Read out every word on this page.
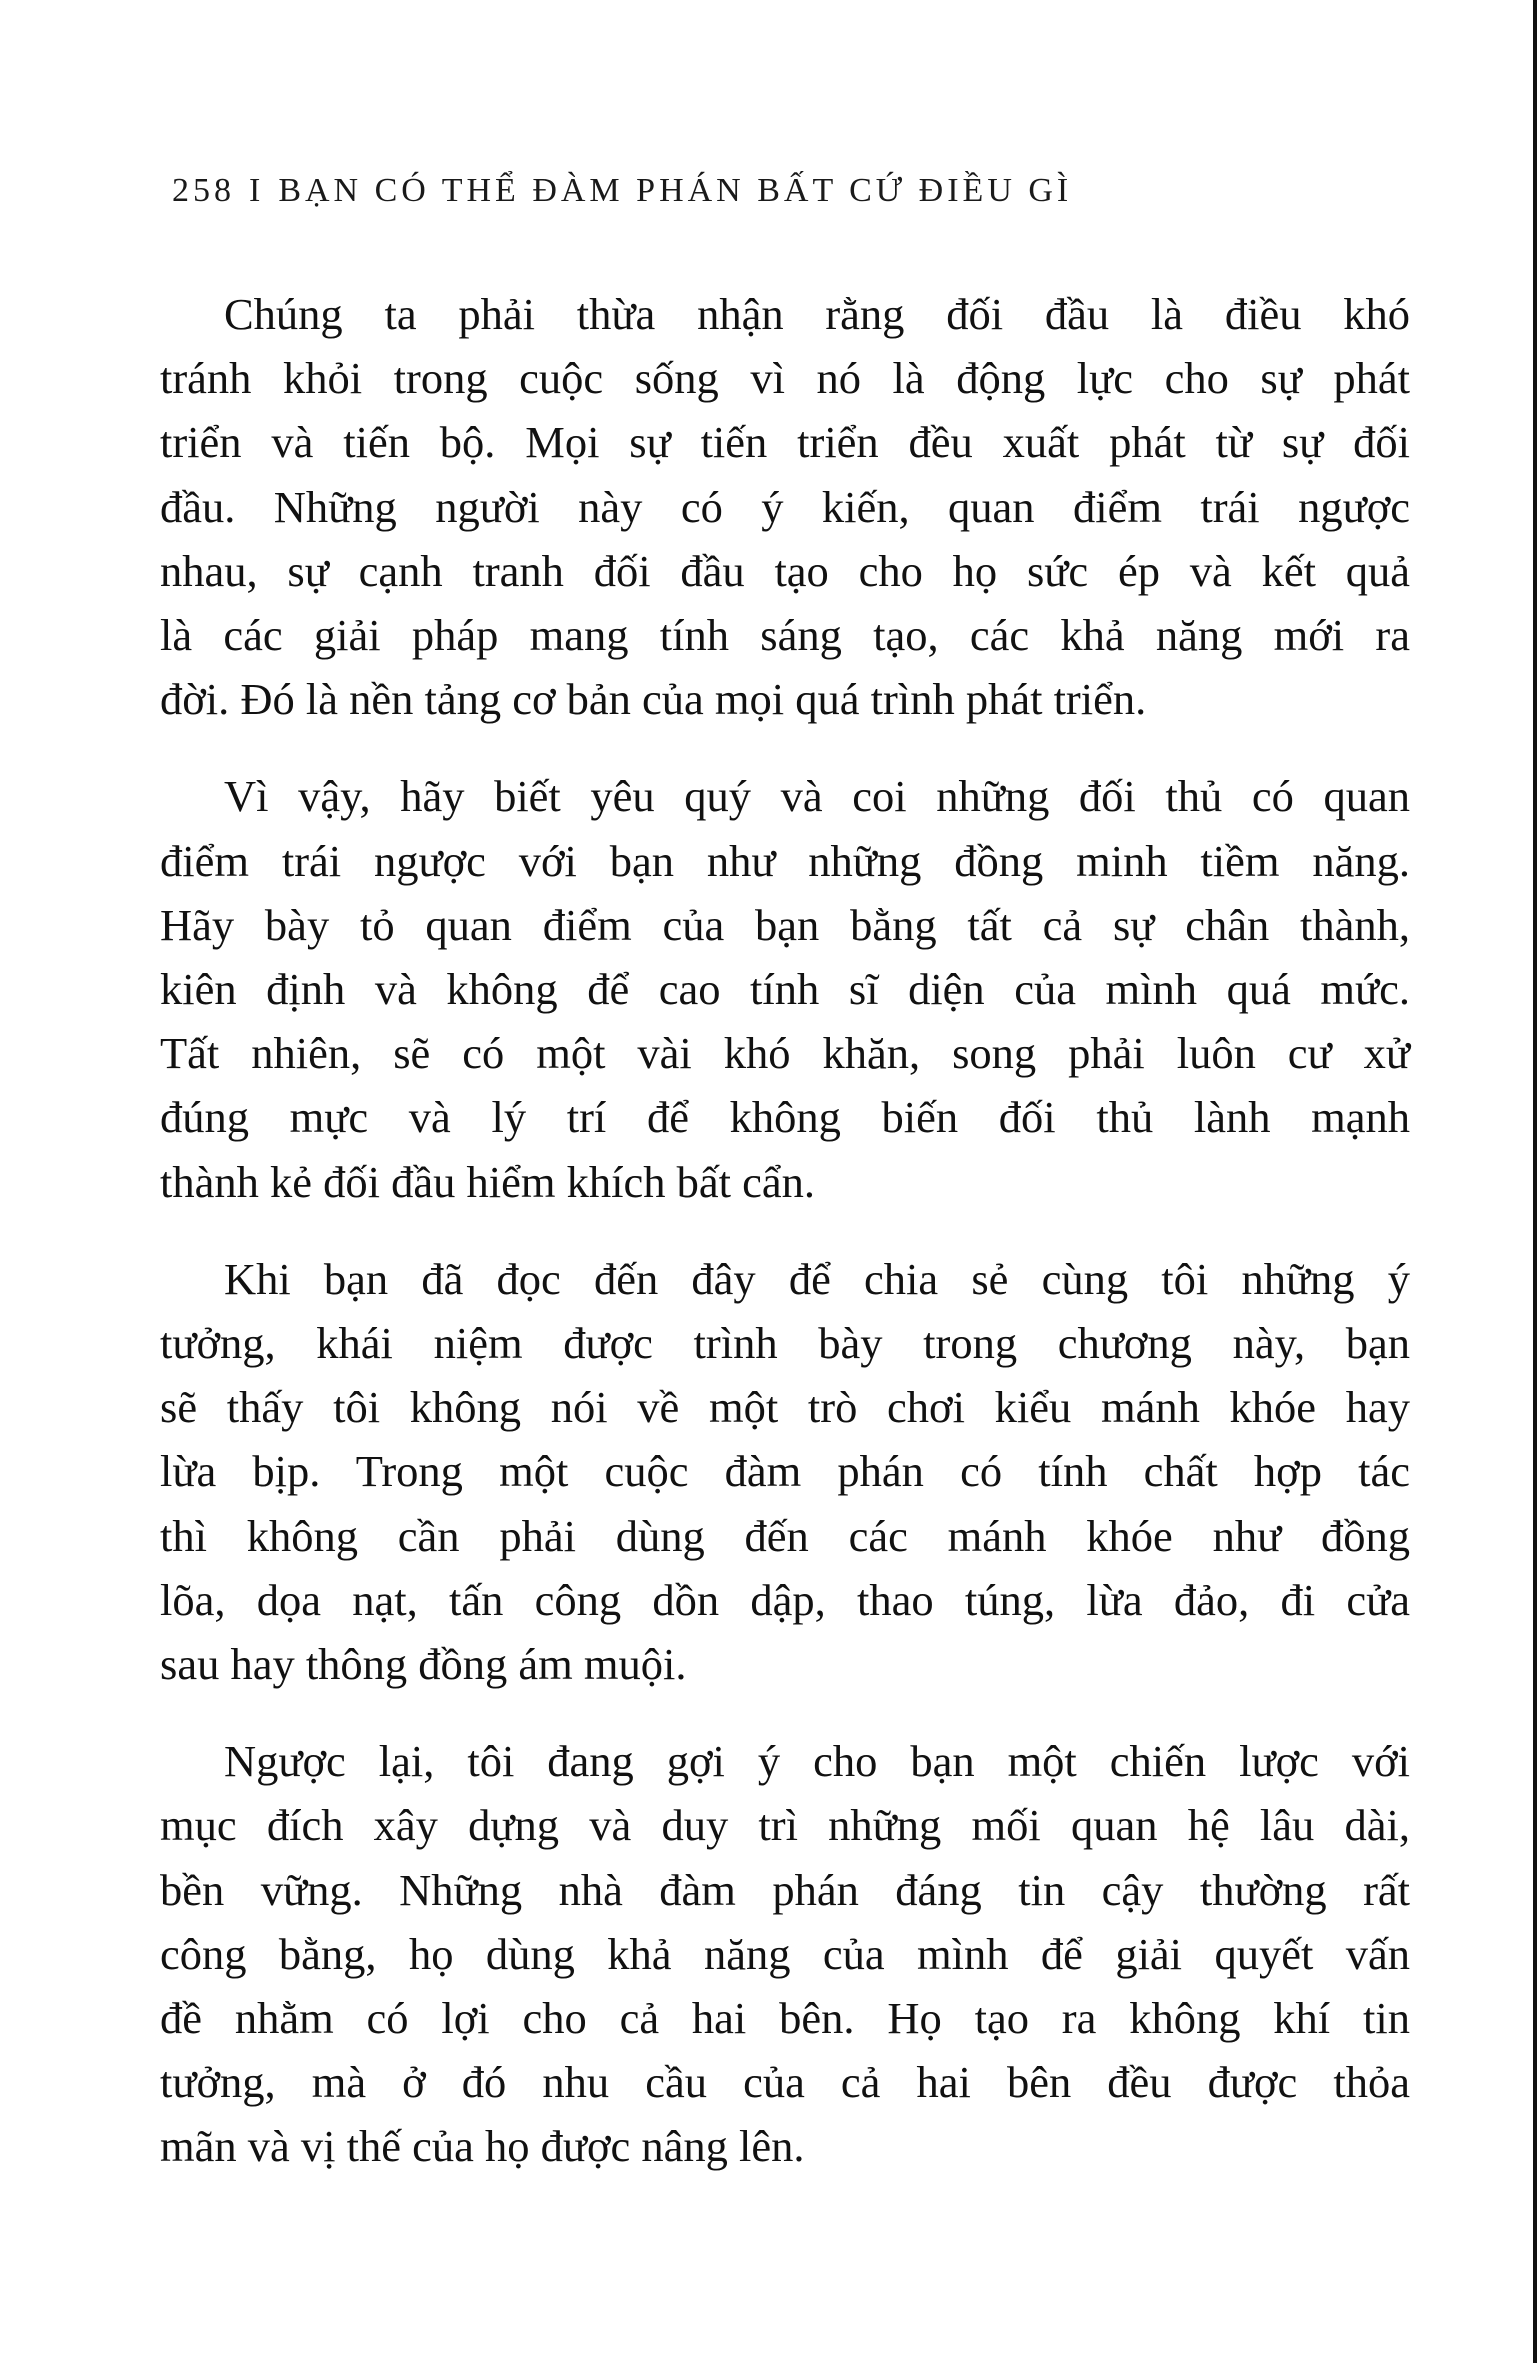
258 I BẠN CÓ THỂ ĐÀM PHÁN BẤT CỨ ĐIỀU GÌ

Chúng ta phải thừa nhận rằng đối đầu là điều khó
tránh khỏi trong cuộc sống vì nó là động lực cho sự phát
triển và tiến bộ. Mọi sự tiến triển đều xuất phát từ sự đối
đầu. Những người này có ý kiến, quan điểm trái ngược
nhau, sự cạnh tranh đối đầu tạo cho họ sức ép và kết quả
là các giải pháp mang tính sáng tạo, các khả năng mới ra
đời. Đó là nền tảng cơ bản của mọi quá trình phát triển.

Vì vậy, hãy biết yêu quý và coi những đối thủ có quan
điểm trái ngược với bạn như những đồng minh tiềm năng.
Hãy bày tỏ quan điểm của bạn bằng tất cả sự chân thành,
kiên định và không để cao tính sĩ diện của mình quá mức.
Tất nhiên, sẽ có một vài khó khăn, song phải luôn cư xử
đúng mực và lý trí để không biến đối thủ lành mạnh
thành kẻ đối đầu hiểm khích bất cẩn.

Khi bạn đã đọc đến đây để chia sẻ cùng tôi những ý
tưởng, khái niệm được trình bày trong chương này, bạn
sẽ thấy tôi không nói về một trò chơi kiểu mánh khóe hay
lừa bịp. Trong một cuộc đàm phán có tính chất hợp tác
thì không cần phải dùng đến các mánh khóe như đồng
lõa, dọa nạt, tấn công dồn dập, thao túng, lừa đảo, đi cửa
sau hay thông đồng ám muội.

Ngược lại, tôi đang gợi ý cho bạn một chiến lược với
mục đích xây dựng và duy trì những mối quan hệ lâu dài,
bền vững. Những nhà đàm phán đáng tin cậy thường rất
công bằng, họ dùng khả năng của mình để giải quyết vấn
đề nhằm có lợi cho cả hai bên. Họ tạo ra không khí tin
tưởng, mà ở đó nhu cầu của cả hai bên đều được thỏa
mãn và vị thế của họ được nâng lên.
